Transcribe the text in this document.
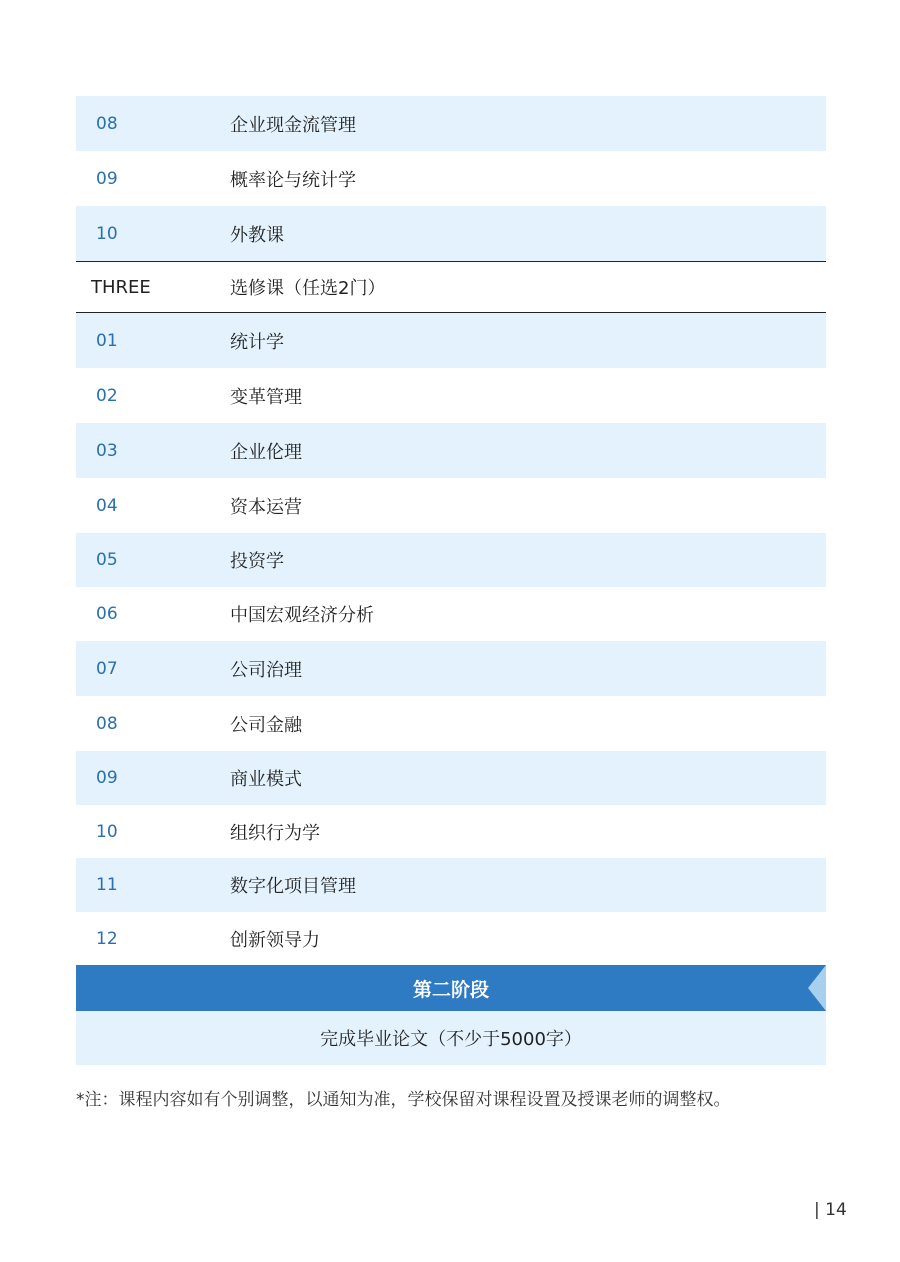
08	企业现金流管理
09	概率论与统计学
10	外教课
THREE	选修课（任选2门）
01	统计学
02	变革管理
03	企业伦理
04	资本运营
05	投资学
06	中国宏观经济分析
07	公司治理
08	公司金融
09	商业模式
10	组织行为学
11	数字化项目管理
12	创新领导力
第二阶段
完成毕业论文（不少于5000字）
*注：课程内容如有个别调整，以通知为准，学校保留对课程设置及授课老师的调整权。
| 14
